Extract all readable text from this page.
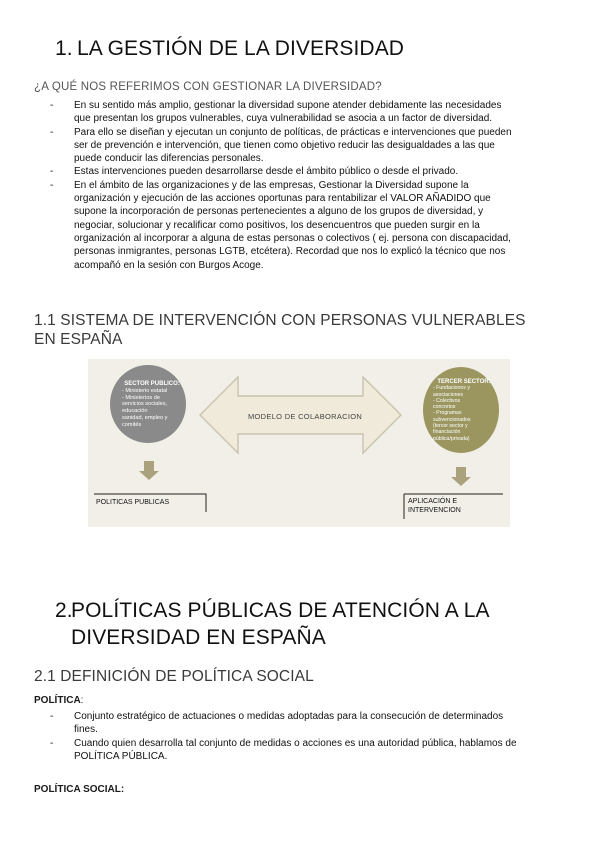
1. LA GESTIÓN DE LA DIVERSIDAD
¿A QUÉ NOS REFERIMOS CON GESTIONAR LA DIVERSIDAD?
- En su sentido más amplio, gestionar la diversidad supone atender debidamente las necesidades
que presentan los grupos vulnerables, cuya vulnerabilidad se asocia a un factor de diversidad.
- Para ello se diseñan y ejecutan un conjunto de políticas, de prácticas e intervenciones que pueden
ser de prevención e intervención, que tienen como objetivo reducir las desigualdades a las que
puede conducir las diferencias personales.
- Estas intervenciones pueden desarrollarse desde el ámbito público o desde el privado.
- En el ámbito de las organizaciones y de las empresas, Gestionar la Diversidad supone la
organización y ejecución de las acciones oportunas para rentabilizar el VALOR AÑADIDO que
supone la incorporación de personas pertenecientes a alguno de los grupos de diversidad, y
negociar, solucionar y recalificar como positivos, los desencuentros que pueden surgir en la
organización al incorporar a alguna de estas personas o colectivos ( ej. persona con discapacidad,
personas inmigrantes, personas LGTB, etcétera). Recordad que nos lo explicó la técnico que nos
acompañó en la sesión con Burgos Acoge.
1.1 SISTEMA DE INTERVENCIÓN CON PERSONAS VULNERABLES
EN ESPAÑA
SECTOR PUBLICO:
- Ministerio estatal
- Ministerios de
servicios sociales, educación
sanidad, empleo y
comités
MODELO DE COLABORACION
TERCER SECTOR:
- Fundaciones y
asociaciones
- Colectivos
concretos
- Programas
subvencionados
(tercer sector y
financiación
pública/privada)
POLITICAS PUBLICAS	APLICACIÓN E
INTERVENCION
2.POLÍTICAS PÚBLICAS DE ATENCIÓN A LA
DIVERSIDAD EN ESPAÑA
2.1 DEFINICIÓN DE POLÍTICA SOCIAL
POLÍTICA:
- Conjunto estratégico de actuaciones o medidas adoptadas para la consecución de determinados
fines.
- Cuando quien desarrolla tal conjunto de medidas o acciones es una autoridad pública, hablamos de
POLÍTICA PÚBLICA.
POLÍTICA SOCIAL:
